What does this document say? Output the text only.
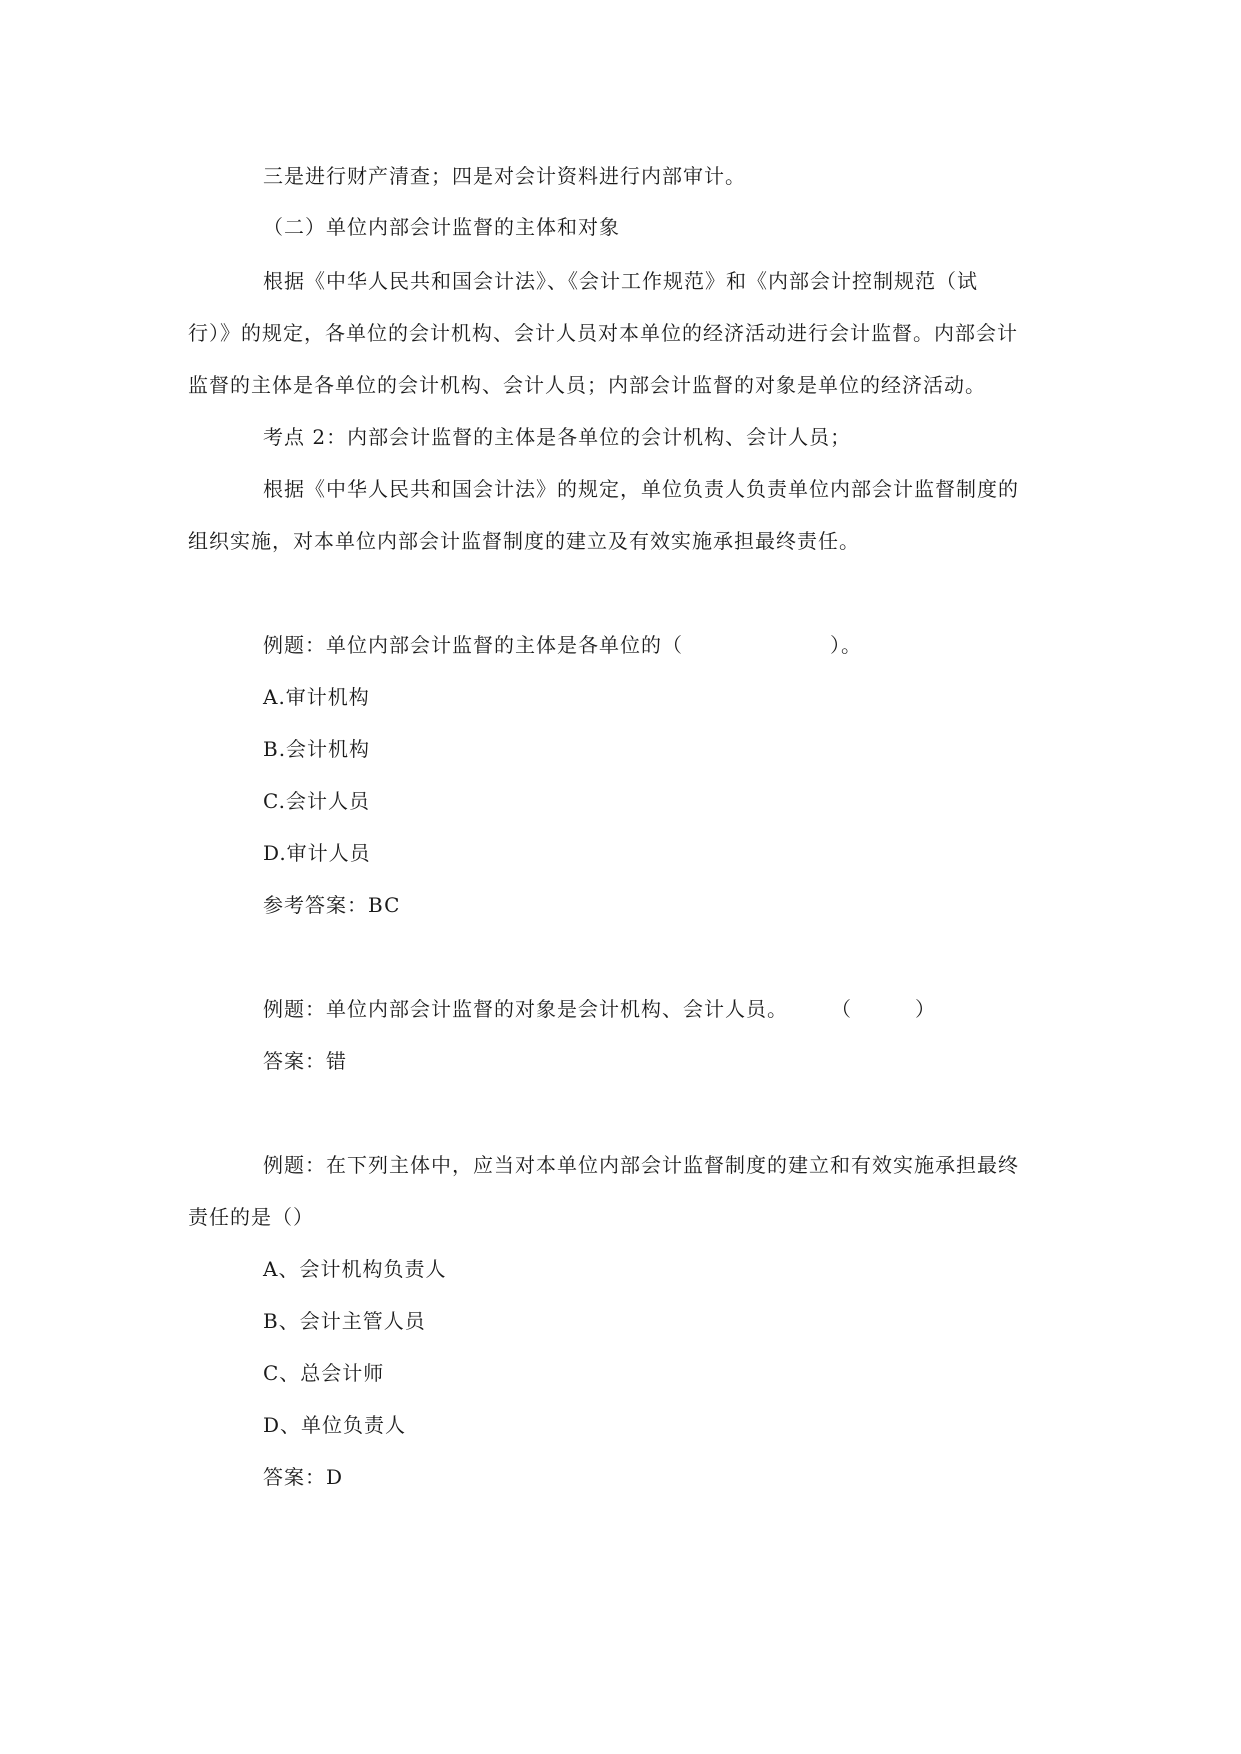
三是进行财产清查；四是对会计资料进行内部审计。
（二）单位内部会计监督的主体和对象
根据《中华人民共和国会计法》、《会计工作规范》和《内部会计控制规范（试
行）》的规定，各单位的会计机构、会计人员对本单位的经济活动进行会计监督。内部会计
监督的主体是各单位的会计机构、会计人员；内部会计监督的对象是单位的经济活动。
考点 2：内部会计监督的主体是各单位的会计机构、会计人员；
根据《中华人民共和国会计法》的规定，单位负责人负责单位内部会计监督制度的
组织实施，对本单位内部会计监督制度的建立及有效实施承担最终责任。
例题：单位内部会计监督的主体是各单位的（　　　　　　　）。
A.审计机构
B.会计机构
C.会计人员
D.审计人员
参考答案：BC
例题：单位内部会计监督的对象是会计机构、会计人员。　　　（　　　）
答案：错
例题：在下列主体中，应当对本单位内部会计监督制度的建立和有效实施承担最终
责任的是（）
A、会计机构负责人
B、会计主管人员
C、总会计师
D、单位负责人
答案：D
